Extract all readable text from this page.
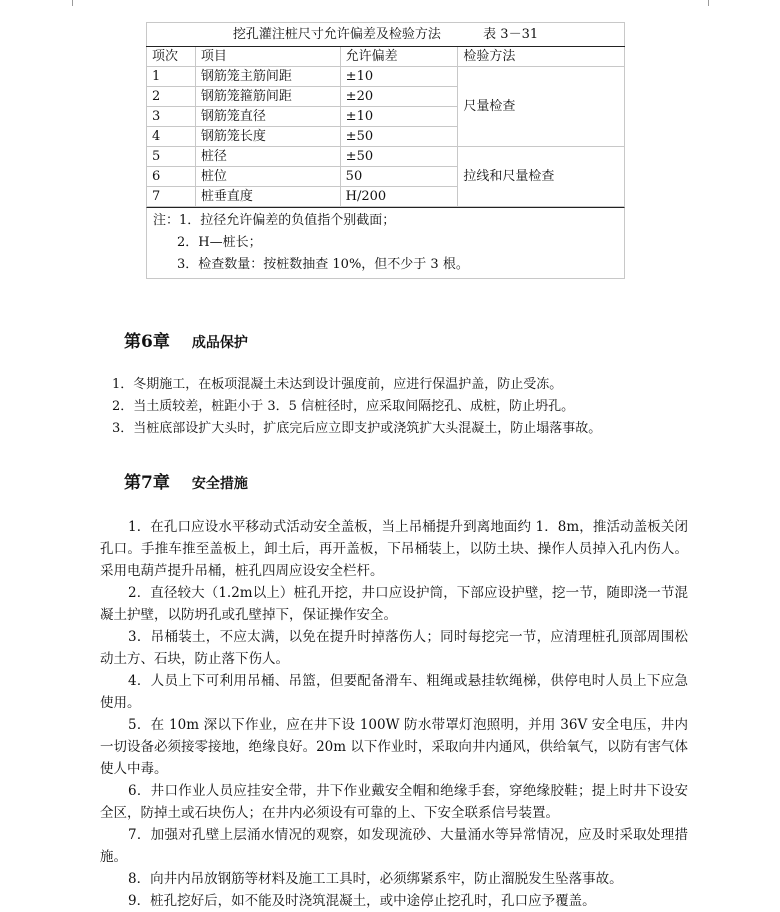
挖孔灌注桩尺寸允许偏差及检验方法 表 3－31			
项次	项目	允许偏差	检验方法
1	钢筋笼主筋间距	±10	尺量检查
2	钢筋笼箍筋间距	±20	
3	钢筋笼直径	±10	
4	钢筋笼长度	±50	
5	桩径	±50	拉线和尺量检查
6	桩位	50	
7	桩垂直度	H/200	
注：1．拉径允许偏差的负值指个别截面；
2．H—桩长；
3．检查数量：按桩数抽查 10%，但不少于 3 根。
第6章 成品保护
1．冬期施工，在板项混凝土未达到设计强度前，应进行保温护盖，防止受冻。
2．当土质较差，桩距小于 3．5 信桩径时，应采取间隔挖孔、成桩，防止坍孔。
3．当桩底部设扩大头时，扩底完后应立即支护或浇筑扩大头混凝土，防止塌落事故。
第7章 安全措施

1．在孔口应设水平移动式活动安全盖板，当上吊桶提升到离地面约 1．8m，推活动盖板关闭孔口。手推车推至盖板上，卸土后，再开盖板，下吊桶装上，以防土块、操作人员掉入孔内伤人。采用电葫芦提升吊桶，桩孔四周应设安全栏杆。

2．直径较大（1.2m以上）桩孔开挖，井口应设护筒，下部应设护壁，挖一节，随即浇一节混凝土护壁，以防坍孔或孔壁掉下，保证操作安全。

3．吊桶装土，不应太满，以免在提升时掉落伤人；同时每挖完一节，应清理桩孔顶部周围松动土方、石块，防止落下伤人。

4．人员上下可利用吊桶、吊篮，但要配备滑车、粗绳或悬挂软绳梯，供停电时人员上下应急使用。

5．在 10m 深以下作业，应在井下设 100W 防水带罩灯泡照明，并用 36V 安全电压，井内一切设备必须接零接地，绝缘良好。20m 以下作业时，采取向井内通风，供给氧气，以防有害气体使人中毒。

6．井口作业人员应挂安全带，井下作业戴安全帽和绝缘手套，穿绝缘胶鞋；提上时井下设安全区，防掉土或石块伤人；在井内必须设有可靠的上、下安全联系信号装置。

7．加强对孔壁上层涌水情况的观察，如发现流砂、大量涌水等异常情况，应及时采取处理措施。

8．向井内吊放钢筋等材料及施工工具时，必须绑紧系牢，防止溜脱发生坠落事故。

9．桩孔挖好后，如不能及时浇筑混凝土，或中途停止挖孔时，孔口应予覆盖。
